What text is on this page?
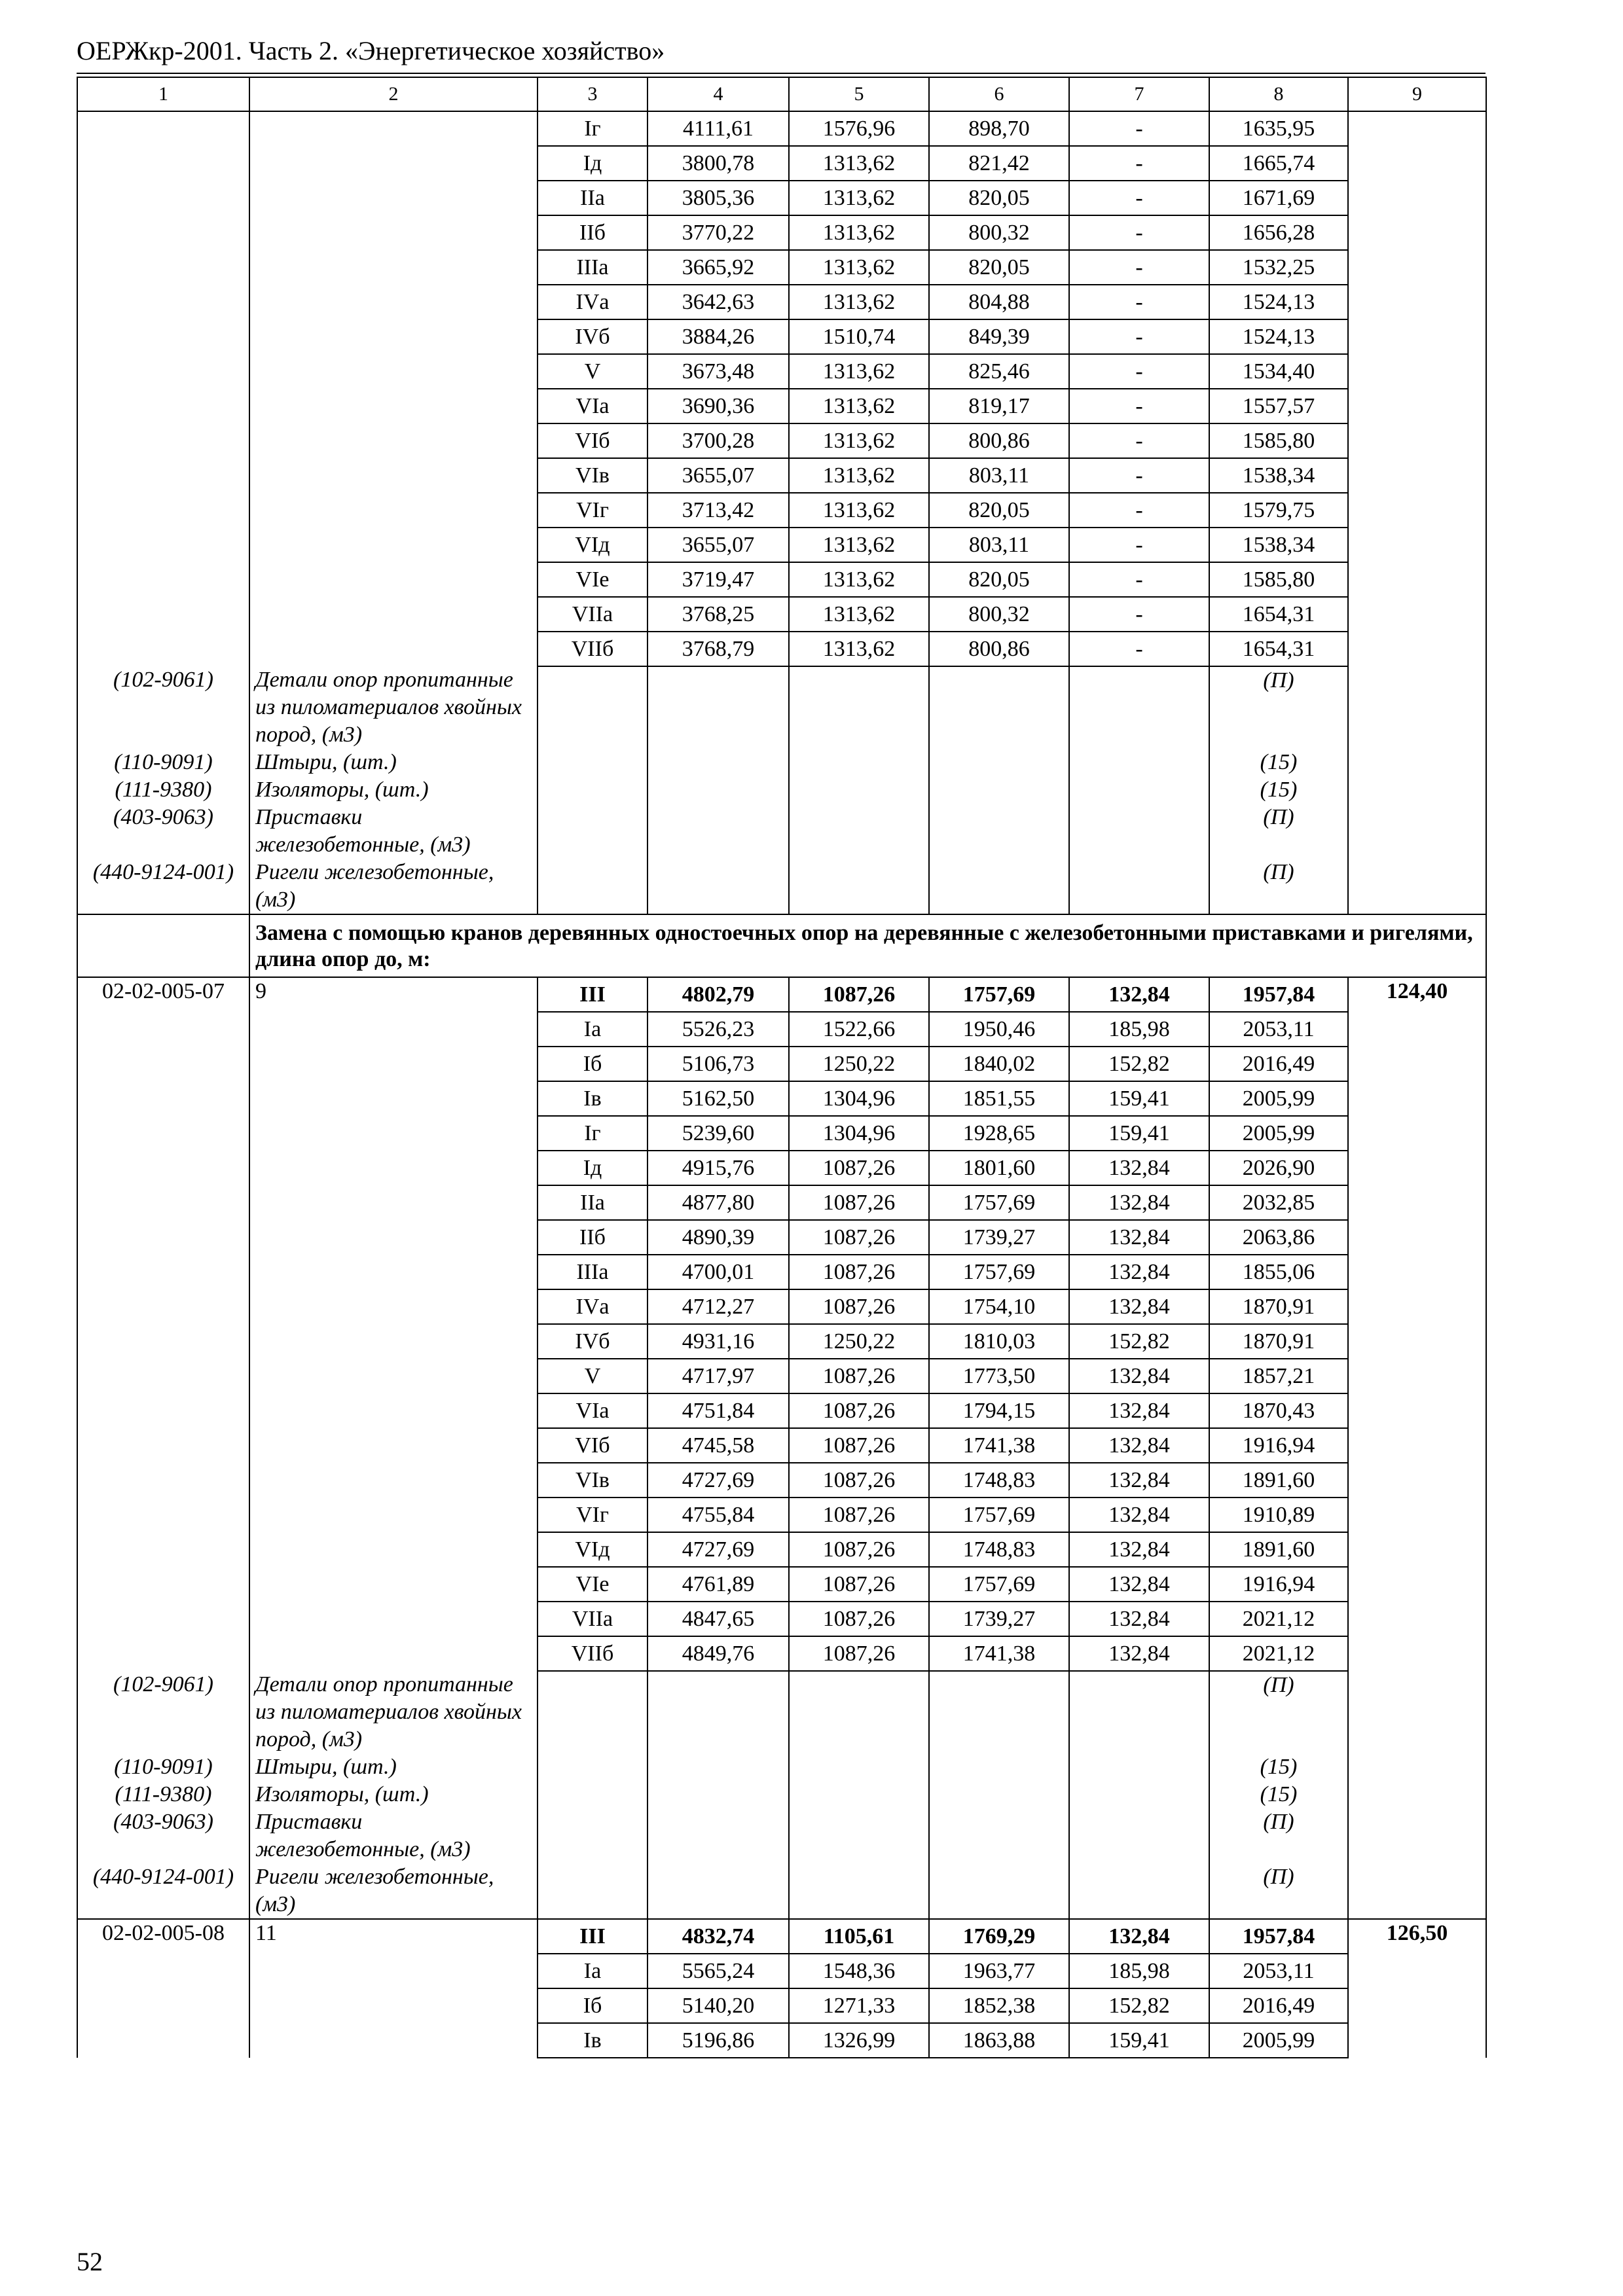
ОЕРЖкр-2001. Часть 2. «Энергетическое хозяйство»
1	2	3	4	5	6	7	8	9
		Iг	4111,61	1576,96	898,70	-	1635,95	
		Iд	3800,78	1313,62	821,42	-	1665,74	
		IIа	3805,36	1313,62	820,05	-	1671,69	
		IIб	3770,22	1313,62	800,32	-	1656,28	
		IIIа	3665,92	1313,62	820,05	-	1532,25	
		IVа	3642,63	1313,62	804,88	-	1524,13	
		IVб	3884,26	1510,74	849,39	-	1524,13	
		V	3673,48	1313,62	825,46	-	1534,40	
		VIа	3690,36	1313,62	819,17	-	1557,57	
		VIб	3700,28	1313,62	800,86	-	1585,80	
		VIв	3655,07	1313,62	803,11	-	1538,34	
		VIг	3713,42	1313,62	820,05	-	1579,75	
		VIд	3655,07	1313,62	803,11	-	1538,34	
		VIе	3719,47	1313,62	820,05	-	1585,80	
		VIIа	3768,25	1313,62	800,32	-	1654,31	
		VIIб	3768,79	1313,62	800,86	-	1654,31	
(102-9061)	Детали опор пропитанные из пиломатериалов хвойных пород, (м3)						(П)	
(110-9091)	Штыри, (шт.)						(15)	
(111-9380)	Изоляторы, (шт.)						(15)	
(403-9063)	Приставки железобетонные, (м3)						(П)	
(440-9124-001)	Ригели железобетонные, (м3)						(П)	
	Замена с помощью кранов деревянных одностоечных опор на деревянные с железобетонными приставками и ригелями, длина опор до, м:							
02-02-005-07	9	III	4802,79	1087,26	1757,69	132,84	1957,84	124,40
		Iа	5526,23	1522,66	1950,46	185,98	2053,11	
		Iб	5106,73	1250,22	1840,02	152,82	2016,49	
		Iв	5162,50	1304,96	1851,55	159,41	2005,99	
		Iг	5239,60	1304,96	1928,65	159,41	2005,99	
		Iд	4915,76	1087,26	1801,60	132,84	2026,90	
		IIа	4877,80	1087,26	1757,69	132,84	2032,85	
		IIб	4890,39	1087,26	1739,27	132,84	2063,86	
		IIIа	4700,01	1087,26	1757,69	132,84	1855,06	
		IVа	4712,27	1087,26	1754,10	132,84	1870,91	
		IVб	4931,16	1250,22	1810,03	152,82	1870,91	
		V	4717,97	1087,26	1773,50	132,84	1857,21	
		VIа	4751,84	1087,26	1794,15	132,84	1870,43	
		VIб	4745,58	1087,26	1741,38	132,84	1916,94	
		VIв	4727,69	1087,26	1748,83	132,84	1891,60	
		VIг	4755,84	1087,26	1757,69	132,84	1910,89	
		VIд	4727,69	1087,26	1748,83	132,84	1891,60	
		VIе	4761,89	1087,26	1757,69	132,84	1916,94	
		VIIа	4847,65	1087,26	1739,27	132,84	2021,12	
		VIIб	4849,76	1087,26	1741,38	132,84	2021,12	
(102-9061)	Детали опор пропитанные из пиломатериалов хвойных пород, (м3)						(П)	
(110-9091)	Штыри, (шт.)						(15)	
(111-9380)	Изоляторы, (шт.)						(15)	
(403-9063)	Приставки железобетонные, (м3)						(П)	
(440-9124-001)	Ригели железобетонные, (м3)						(П)	
02-02-005-08	11	III	4832,74	1105,61	1769,29	132,84	1957,84	126,50
		Iа	5565,24	1548,36	1963,77	185,98	2053,11	
		Iб	5140,20	1271,33	1852,38	152,82	2016,49	
		Iв	5196,86	1326,99	1863,88	159,41	2005,99	
52
